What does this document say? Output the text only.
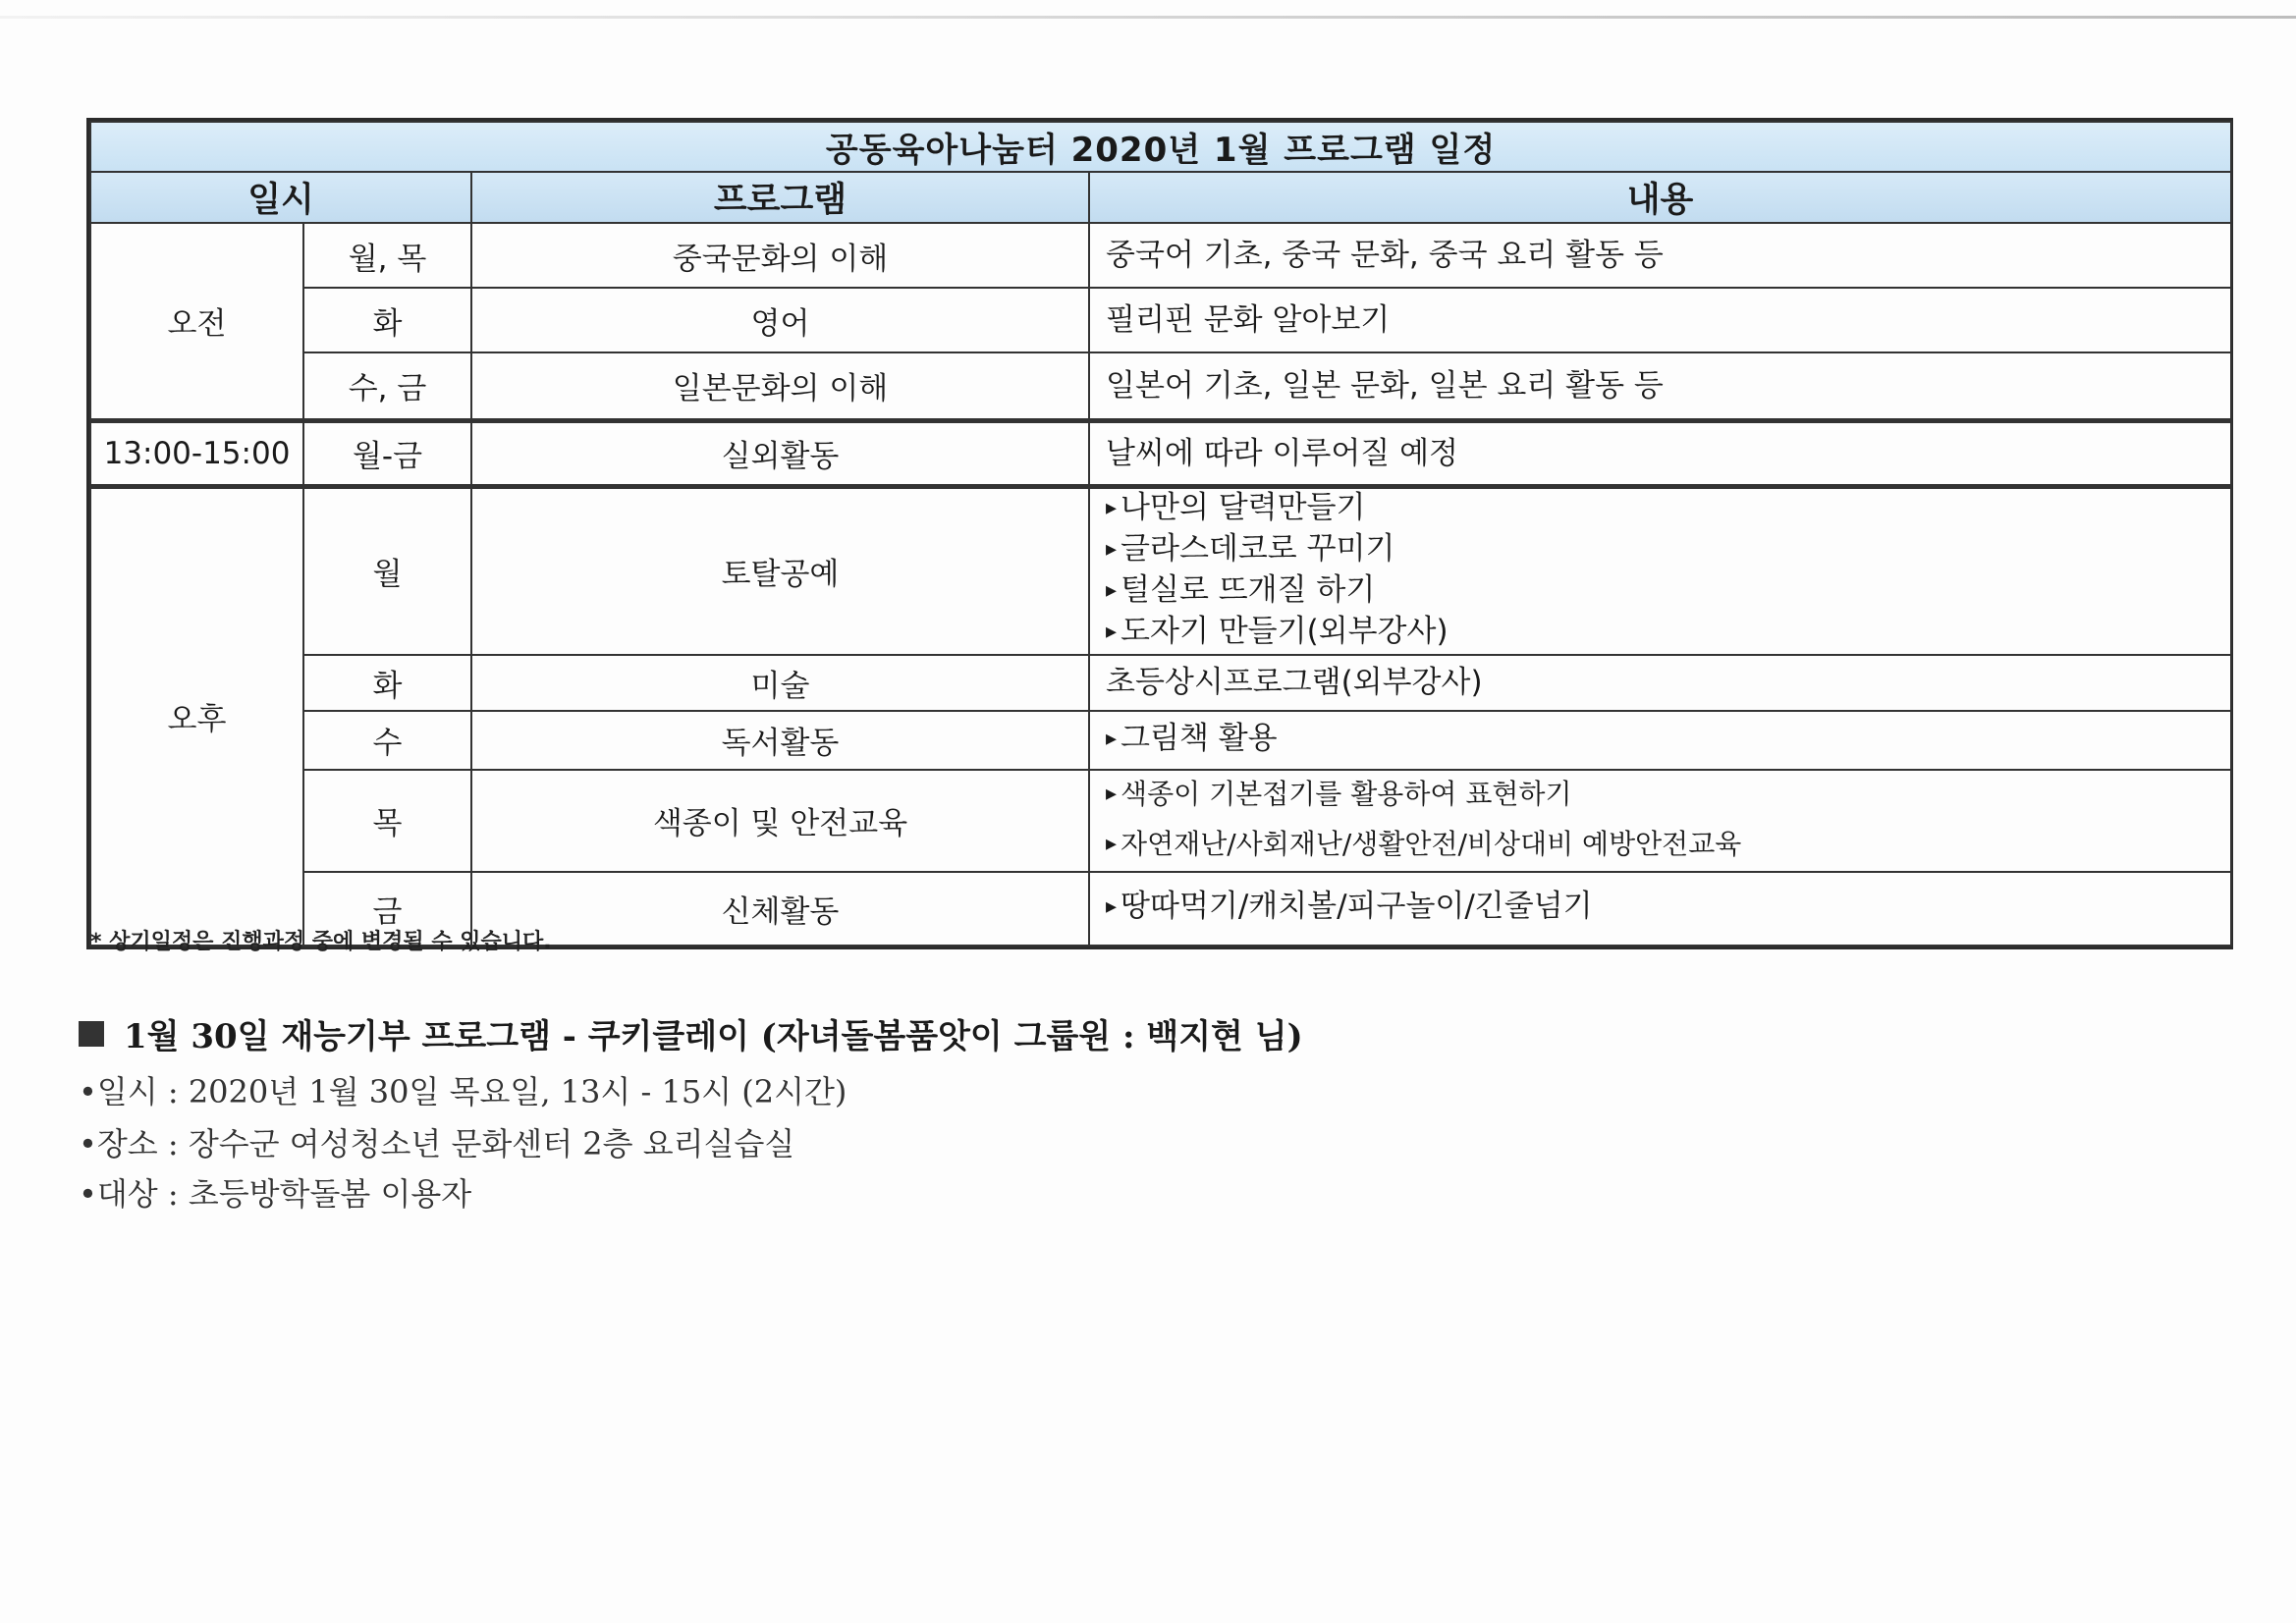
공동육아나눔터 2020년 1월 프로그램 일정			
일시		프로그램	내용
오전	월, 목	중국문화의 이해	중국어 기초, 중국 문화, 중국 요리 활동 등

	화	영어	필리핀 문화 알아보기

	수, 금	일본문화의 이해	일본어 기초, 일본 문화, 일본 요리 활동 등

13:00-15:00	월-금	실외활동	날씨에 따라 이루어질 예정

오후	월	토탈공예	▸ 나만의 달력만들기
▸ 글라스데코로 꾸미기
▸ 털실로 뜨개질 하기
▸ 도자기 만들기(외부강사)

	화	미술	초등상시프로그램(외부강사)

	수	독서활동	▸ 그림책 활용

	목	색종이 및 안전교육	▸ 색종이 기본접기를 활용하여 표현하기
▸ 자연재난/사회재난/생활안전/비상대비 예방안전교육

	금	신체활동	▸ 땅따먹기/캐치볼/피구놀이/긴줄넘기
* 상기일정은 진행과정 중에 변경될 수 있습니다.
1월 30일 재능기부 프로그램 - 쿠키클레이 (자녀돌봄품앗이 그룹원 : 백지현 님)
•일시 : 2020년 1월 30일 목요일, 13시 - 15시 (2시간)
•장소 : 장수군 여성청소년 문화센터 2층 요리실습실
•대상 : 초등방학돌봄 이용자
